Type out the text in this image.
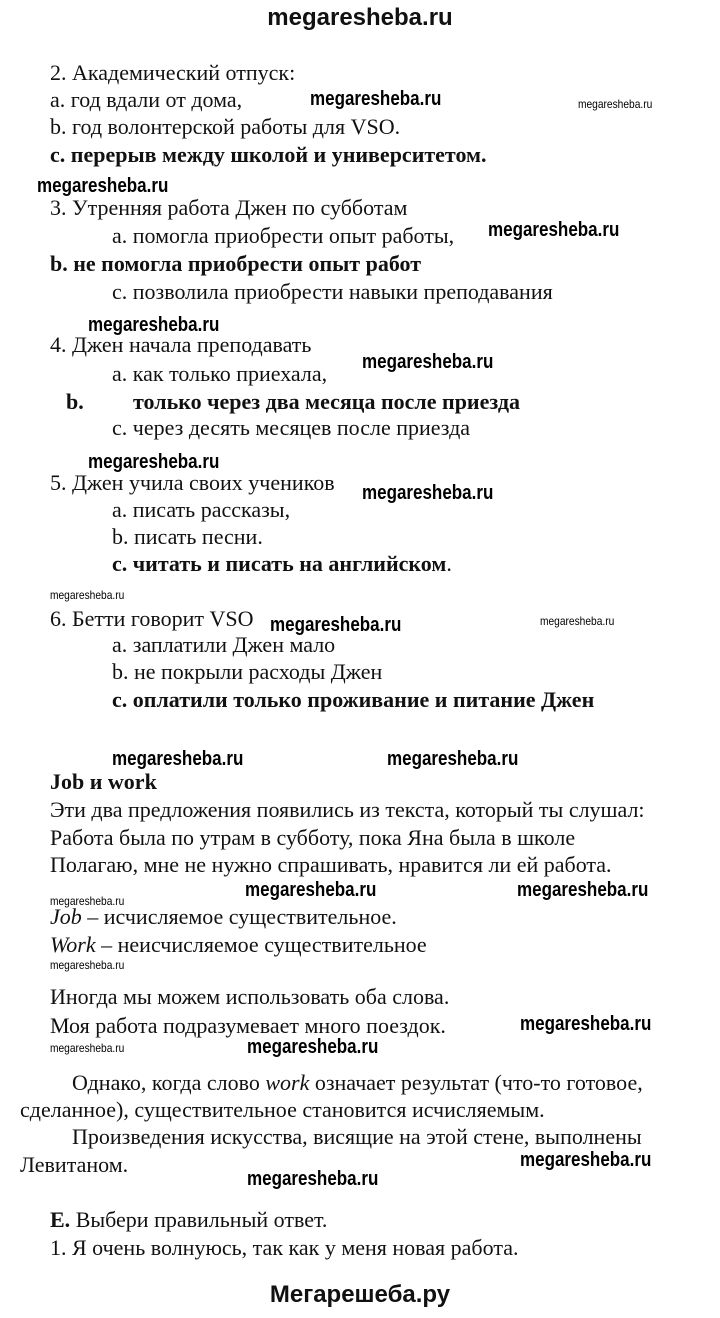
megaresheba.ru
2. Академический отпуск:
a. год вдали от дома,	megaresheba.ru	megaresheba.ru
b. год волонтерской работы для VSO.
c. перерыв между школой и университетом.
megaresheba.ru
3. Утренняя работа Джен по субботам
a. помогла приобрести опыт работы, megaresheba.ru
b. не помогла приобрести опыт работ
c. позволила приобрести навыки преподавания
megaresheba.ru
4. Джен начала преподавать
a. как только приехала, megaresheba.ru
b. только через два месяца после приезда
c. через десять месяцев после приезда
megaresheba.ru
5. Джен учила своих учеников megaresheba.ru
a. писать рассказы,
b. писать песни.
c. читать и писать на английском.
megaresheba.ru
6. Бетти говорит VSO megaresheba.ru	megaresheba.ru
a. заплатили Джен мало
b. не покрыли расходы Джен
c. оплатили только проживание и питание Джен
megaresheba.ru	megaresheba.ru
Job и work
Эти два предложения появились из текста, который ты слушал:
Работа была по утрам в субботу, пока Яна была в школе
Полагаю, мне не нужно спрашивать, нравится ли ей работа.
megaresheba.ru	megaresheba.ru
megaresheba.ru
Job – исчисляемое существительное.
Work – неисчисляемое существительное
megaresheba.ru
Иногда мы можем использовать оба слова.
Моя работа подразумевает много поездок.	megaresheba.ru
megaresheba.ru	megaresheba.ru
Однако, когда слово work означает результат (что-то готовое,
сделанное), существительное становится исчисляемым.
Произведения искусства, висящие на этой стене, выполнены
Левитаном.	megaresheba.ru
megaresheba.ru
E. Выбери правильный ответ.
1. Я очень волнуюсь, так как у меня новая работа.
Мегарешеба.ру
